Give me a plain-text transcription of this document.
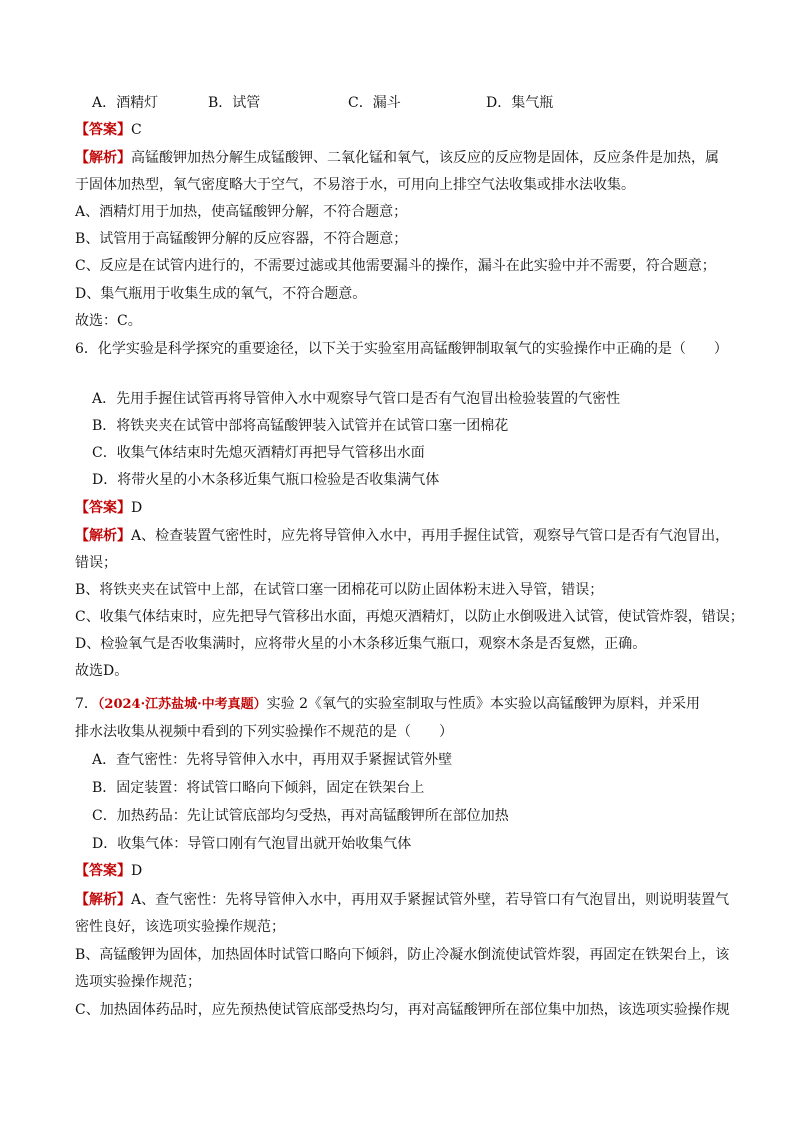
A．酒精灯	B．试管	C．漏斗	D．集气瓶
【答案】C
【解析】高锰酸钾加热分解生成锰酸钾、二氧化锰和氧气，该反应的反应物是固体，反应条件是加热，属
于固体加热型，氧气密度略大于空气，不易溶于水，可用向上排空气法收集或排水法收集。
A、酒精灯用于加热，使高锰酸钾分解，不符合题意；
B、试管用于高锰酸钾分解的反应容器，不符合题意；
C、反应是在试管内进行的，不需要过滤或其他需要漏斗的操作，漏斗在此实验中并不需要，符合题意；
D、集气瓶用于收集生成的氧气，不符合题意。
故选：C。
6．化学实验是科学探究的重要途径，以下关于实验室用高锰酸钾制取氧气的实验操作中正确的是（　　）
A．先用手握住试管再将导管伸入水中观察导气管口是否有气泡冒出检验装置的气密性
B．将铁夹夹在试管中部将高锰酸钾装入试管并在试管口塞一团棉花
C．收集气体结束时先熄灭酒精灯再把导气管移出水面
D．将带火星的小木条移近集气瓶口检验是否收集满气体
【答案】D
【解析】A、检查装置气密性时，应先将导管伸入水中，再用手握住试管，观察导气管口是否有气泡冒出，
错误；
B、将铁夹夹在试管中上部，在试管口塞一团棉花可以防止固体粉末进入导管，错误；
C、收集气体结束时，应先把导气管移出水面，再熄灭酒精灯，以防止水倒吸进入试管，使试管炸裂，错误；
D、检验氧气是否收集满时，应将带火星的小木条移近集气瓶口，观察木条是否复燃，正确。
故选D。
7．（2024·江苏盐城·中考真题）实验 2《氧气的实验室制取与性质》本实验以高锰酸钾为原料，并采用
排水法收集从视频中看到的下列实验操作不规范的是（　　）
A．查气密性：先将导管伸入水中，再用双手紧握试管外壁
B．固定装置：将试管口略向下倾斜，固定在铁架台上
C．加热药品：先让试管底部均匀受热，再对高锰酸钾所在部位加热
D．收集气体：导管口刚有气泡冒出就开始收集气体
【答案】D
【解析】A、查气密性：先将导管伸入水中，再用双手紧握试管外壁，若导管口有气泡冒出，则说明装置气
密性良好，该选项实验操作规范；
B、高锰酸钾为固体，加热固体时试管口略向下倾斜，防止冷凝水倒流使试管炸裂，再固定在铁架台上，该
选项实验操作规范；
C、加热固体药品时，应先预热使试管底部受热均匀，再对高锰酸钾所在部位集中加热，该选项实验操作规
